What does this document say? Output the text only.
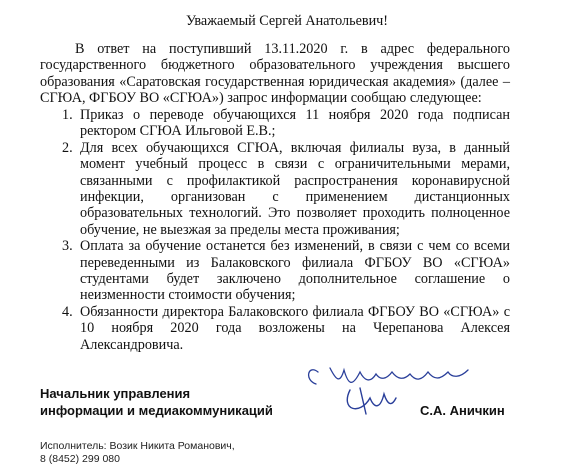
Уважаемый Сергей Анатольевич!

В ответ на поступивший 13.11.2020 г. в адрес федерального государственного бюджетного образовательного учреждения высшего образования «Саратовская государственная юридическая академия» (далее – СГЮА, ФГБОУ ВО «СГЮА») запрос информации сообщаю следующее:

1. Приказ о переводе обучающихся 11 ноября 2020 года подписан ректором СГЮА Ильговой Е.В.;
2. Для всех обучающихся СГЮА, включая филиалы вуза, в данный момент учебный процесс в связи с ограничительными мерами, связанными с профилактикой распространения коронавирусной инфекции, организован с применением дистанционных образовательных технологий. Это позволяет проходить полноценное обучение, не выезжая за пределы места проживания;
3. Оплата за обучение останется без изменений, в связи с чем со всеми переведенными из Балаковского филиала ФГБОУ ВО «СГЮА» студентами будет заключено дополнительное соглашение о неизменности стоимости обучения;
4. Обязанности директора Балаковского филиала ФГБОУ ВО «СГЮА» с 10 ноября 2020 года возложены на Черепанова Алексея Александровича.
Начальник управления
информации и медиакоммуникаций	С.А. Аничкин
Исполнитель: Возик Никита Романович,
8 (8452) 299 080
